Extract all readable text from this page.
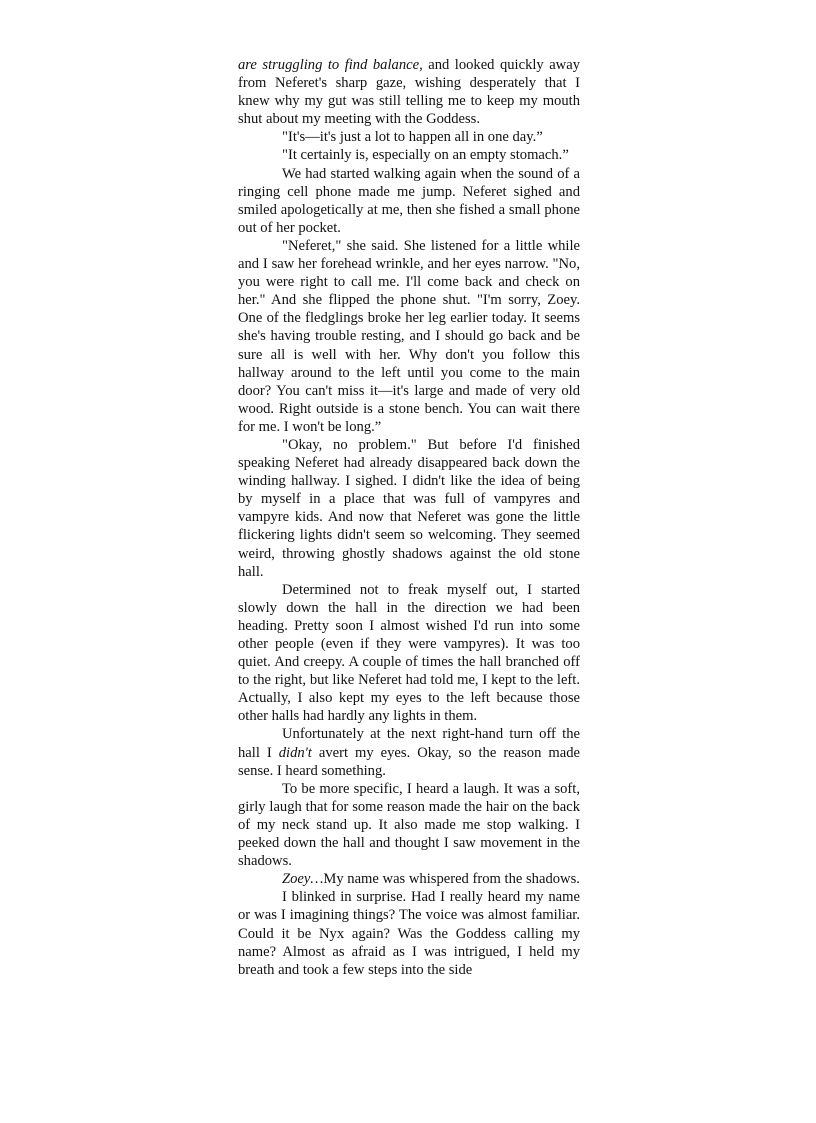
are struggling to find balance, and looked quickly away from Neferet's sharp gaze, wishing desperately that I knew why my gut was still telling me to keep my mouth shut about my meeting with the Goddess.

"It's—it's just a lot to happen all in one day.”

"It certainly is, especially on an empty stomach.”

We had started walking again when the sound of a ringing cell phone made me jump. Neferet sighed and smiled apologetically at me, then she fished a small phone out of her pocket.

"Neferet," she said. She listened for a little while and I saw her forehead wrinkle, and her eyes narrow. "No, you were right to call me. I'll come back and check on her." And she flipped the phone shut. "I'm sorry, Zoey. One of the fledglings broke her leg earlier today. It seems she's having trouble resting, and I should go back and be sure all is well with her. Why don't you follow this hallway around to the left until you come to the main door? You can't miss it—it's large and made of very old wood. Right outside is a stone bench. You can wait there for me. I won't be long.”

"Okay, no problem." But before I'd finished speaking Neferet had already disappeared back down the winding hallway. I sighed. I didn't like the idea of being by myself in a place that was full of vampyres and vampyre kids. And now that Neferet was gone the little flickering lights didn't seem so welcoming. They seemed weird, throwing ghostly shadows against the old stone hall.

Determined not to freak myself out, I started slowly down the hall in the direction we had been heading. Pretty soon I almost wished I'd run into some other people (even if they were vampyres). It was too quiet. And creepy. A couple of times the hall branched off to the right, but like Neferet had told me, I kept to the left. Actually, I also kept my eyes to the left because those other halls had hardly any lights in them.

Unfortunately at the next right-hand turn off the hall I didn't avert my eyes. Okay, so the reason made sense. I heard something.

To be more specific, I heard a laugh. It was a soft, girly laugh that for some reason made the hair on the back of my neck stand up. It also made me stop walking. I peeked down the hall and thought I saw movement in the shadows.

Zoey…My name was whispered from the shadows.

I blinked in surprise. Had I really heard my name or was I imagining things? The voice was almost familiar. Could it be Nyx again? Was the Goddess calling my name? Almost as afraid as I was intrigued, I held my breath and took a few steps into the side
